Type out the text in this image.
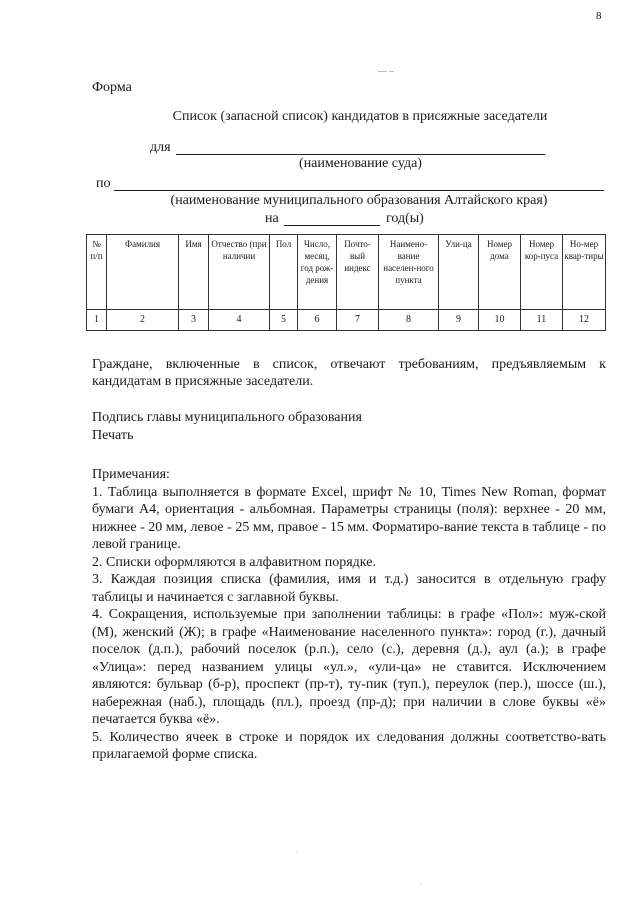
8
— –
Форма
Список (запасной список) кандидатов в присяжные заседатели
для
(наименование суда)
по
(наименование муниципального образования Алтайского края)
на	год(ы)
№ п/п	Фамилия	Имя	Отчество (при наличии	Пол	Число, месяц, год рож-дения	Почто-вый индекс	Наимено-вание населен-ного пункта	Ули-ца	Номер дома	Номер кор-пуса	Но-мер квар-тиры
1	2	3	4	5	6	7	8	9	10	11	12
Граждане, включенные в список, отвечают требованиям, предъявляемым к кандидатам в присяжные заседатели.
Подпись главы муниципального образования
Печать

Примечания:

1. Таблица выполняется в формате Excel, шрифт № 10, Times New Roman, формат бумаги А4, ориентация - альбомная. Параметры страницы (поля): верхнее - 20 мм, нижнее - 20 мм, левое - 25 мм, правое - 15 мм. Форматиро-вание текста в таблице - по левой границе.

2. Списки оформляются в алфавитном порядке.

3. Каждая позиция списка (фамилия, имя и т.д.) заносится в отдельную графу таблицы и начинается с заглавной буквы.

4. Сокращения, используемые при заполнении таблицы: в графе «Пол»: муж-ской (М), женский (Ж); в графе «Наименование населенного пункта»: город (г.), дачный поселок (д.п.), рабочий поселок (р.п.), село (с.), деревня (д.), аул (а.); в графе «Улица»: перед названием улицы «ул.», «ули-ца» не ставится. Исключением являются: бульвар (б-р), проспект (пр-т), ту-пик (туп.), переулок (пер.), шоссе (ш.), набережная (наб.), площадь (пл.), проезд (пр-д); при наличии в слове буквы «ё» печатается буква «ё».

5. Количество ячеек в строке и порядок их следования должны соответство-вать прилагаемой форме списка.

·
·
